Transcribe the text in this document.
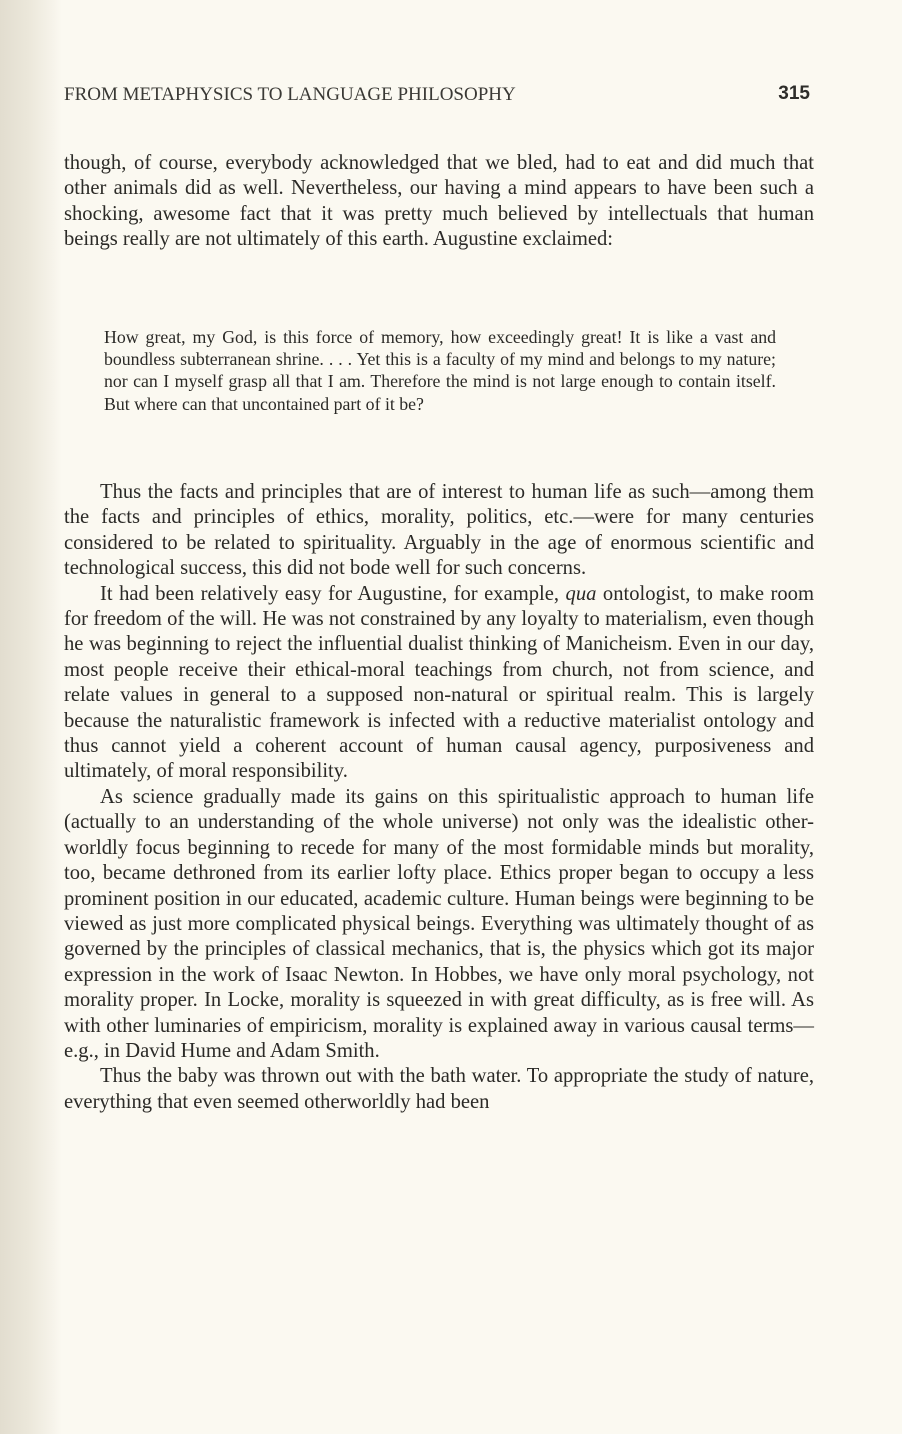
FROM METAPHYSICS TO LANGUAGE PHILOSOPHY	315

though, of course, everybody acknowledged that we bled, had to eat and did much that other animals did as well. Nevertheless, our having a mind appears to have been such a shocking, awesome fact that it was pretty much believed by intellectuals that human beings really are not ultimately of this earth. Augustine exclaimed:

How great, my God, is this force of memory, how exceedingly great! It is like a vast and boundless subterranean shrine. . . . Yet this is a faculty of my mind and belongs to my nature; nor can I myself grasp all that I am. Therefore the mind is not large enough to contain itself. But where can that uncontained part of it be?

Thus the facts and principles that are of interest to human life as such—among them the facts and principles of ethics, morality, politics, etc.—were for many centuries considered to be related to spirituality. Arguably in the age of enormous scientific and technological success, this did not bode well for such concerns.

It had been relatively easy for Augustine, for example, qua ontologist, to make room for freedom of the will. He was not constrained by any loyalty to materialism, even though he was beginning to reject the influential dualist thinking of Manicheism. Even in our day, most people receive their ethical-moral teachings from church, not from science, and relate values in general to a supposed non-natural or spiritual realm. This is largely because the naturalistic framework is infected with a reductive materialist ontology and thus cannot yield a coherent account of human causal agency, purposiveness and ultimately, of moral responsibility.

As science gradually made its gains on this spiritualistic approach to human life (actually to an understanding of the whole universe) not only was the idealistic other-worldly focus beginning to recede for many of the most formidable minds but morality, too, became dethroned from its earlier lofty place. Ethics proper began to occupy a less prominent position in our educated, academic culture. Human beings were beginning to be viewed as just more complicated physical beings. Everything was ultimately thought of as governed by the principles of classical mechanics, that is, the physics which got its major expression in the work of Isaac Newton. In Hobbes, we have only moral psychology, not morality proper. In Locke, morality is squeezed in with great difficulty, as is free will. As with other luminaries of empiricism, morality is explained away in various causal terms—e.g., in David Hume and Adam Smith.

Thus the baby was thrown out with the bath water. To appropriate the study of nature, everything that even seemed otherworldly had been
